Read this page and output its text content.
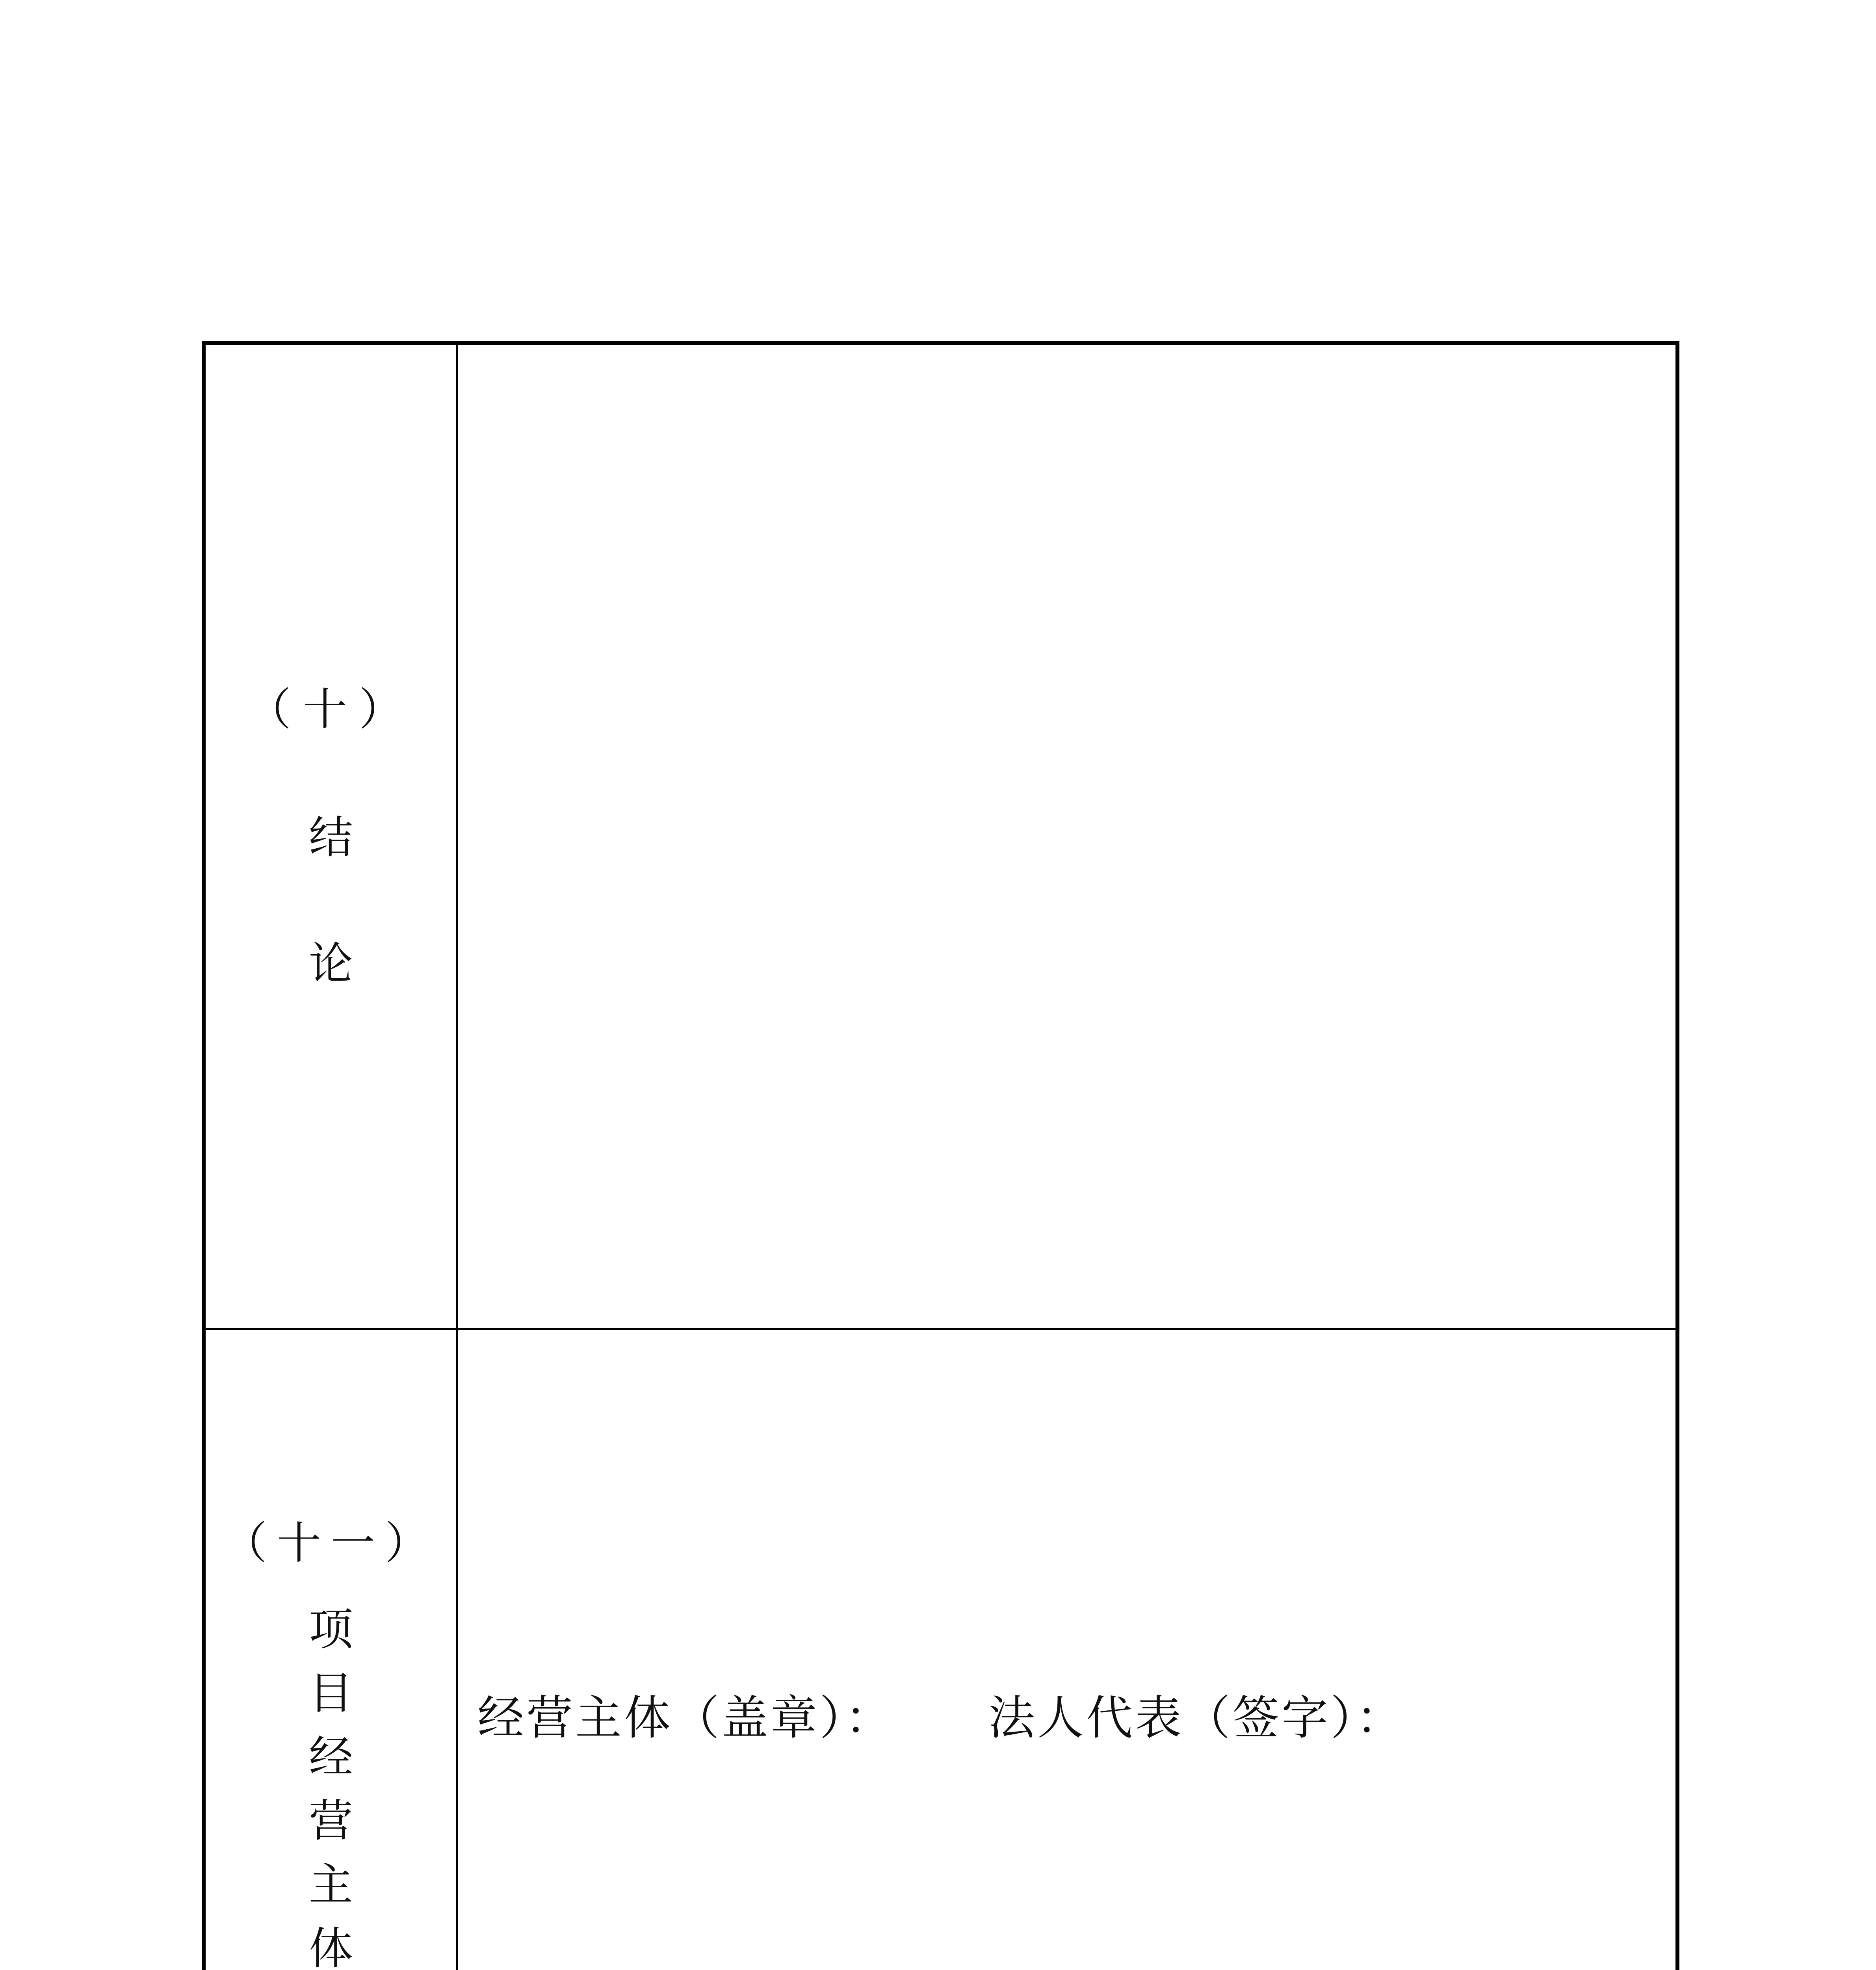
（十）
结
论
（十一）
项
目
经
营
主
体
经营主体（盖章）： 法人代表（签字）：
